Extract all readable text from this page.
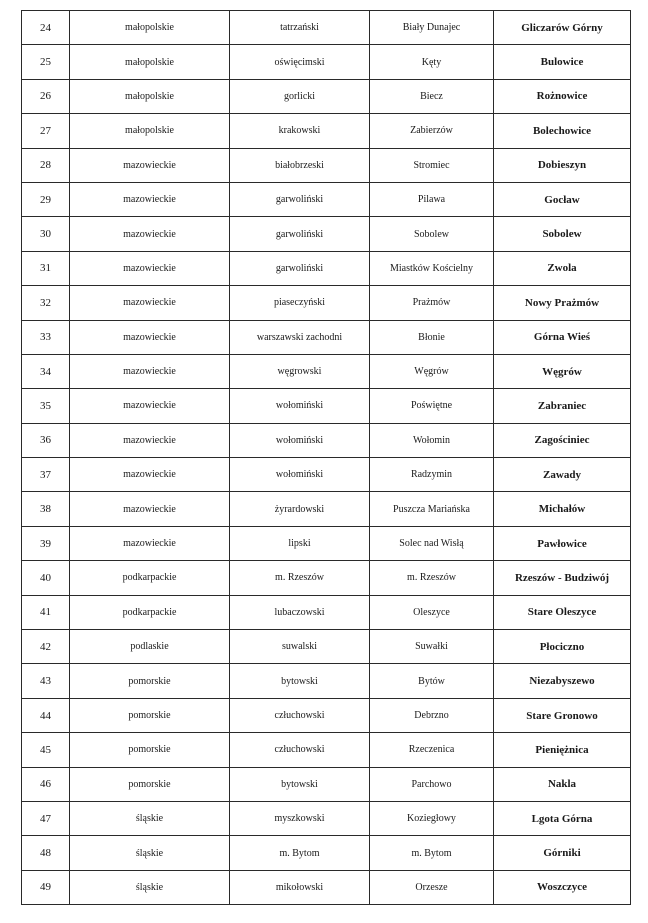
24	małopolskie	tatrzański	Biały Dunajec	Gliczarów Górny
25	małopolskie	oświęcimski	Kęty	Bulowice
26	małopolskie	gorlicki	Biecz	Rożnowice
27	małopolskie	krakowski	Zabierzów	Bolechowice
28	mazowieckie	białobrzeski	Stromiec	Dobieszyn
29	mazowieckie	garwoliński	Pilawa	Gocław
30	mazowieckie	garwoliński	Sobolew	Sobolew
31	mazowieckie	garwoliński	Miastków Kościelny	Zwola
32	mazowieckie	piaseczyński	Prażmów	Nowy Prażmów
33	mazowieckie	warszawski zachodni	Błonie	Górna Wieś
34	mazowieckie	węgrowski	Węgrów	Węgrów
35	mazowieckie	wołomiński	Poświętne	Zabraniec
36	mazowieckie	wołomiński	Wołomin	Zagościniec
37	mazowieckie	wołomiński	Radzymin	Zawady
38	mazowieckie	żyrardowski	Puszcza Mariańska	Michałów
39	mazowieckie	lipski	Solec nad Wisłą	Pawłowice
40	podkarpackie	m. Rzeszów	m. Rzeszów	Rzeszów - Budziwój
41	podkarpackie	lubaczowski	Oleszyce	Stare Oleszyce
42	podlaskie	suwalski	Suwałki	Płociczno
43	pomorskie	bytowski	Bytów	Niezabyszewo
44	pomorskie	człuchowski	Debrzno	Stare Gronowo
45	pomorskie	człuchowski	Rzeczenica	Pieniężnica
46	pomorskie	bytowski	Parchowo	Nakla
47	śląskie	myszkowski	Koziegłowy	Lgota Górna
48	śląskie	m. Bytom	m. Bytom	Górniki
49	śląskie	mikołowski	Orzesze	Woszczyce
